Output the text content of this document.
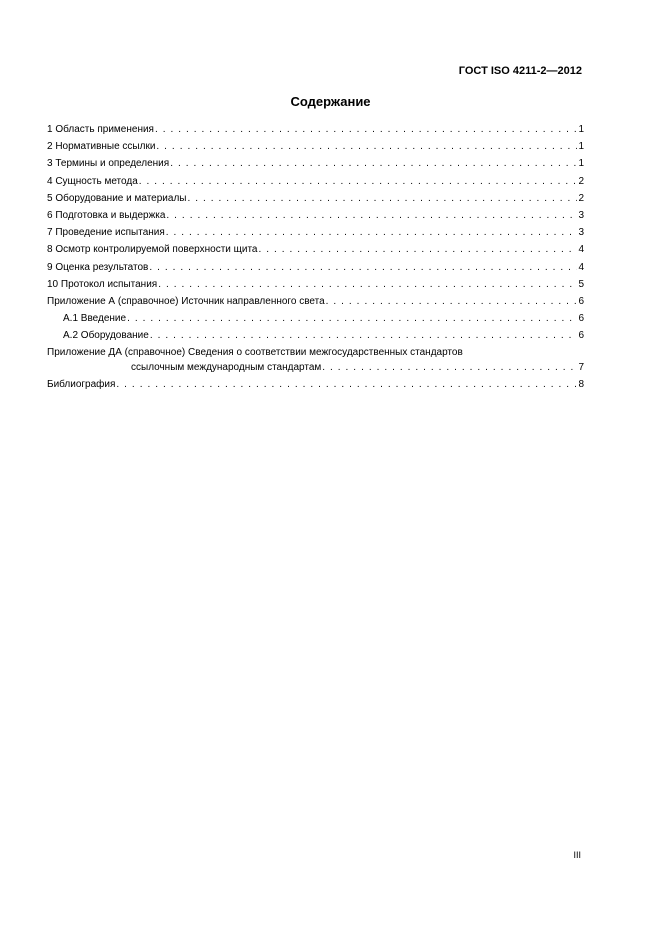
ГОСТ ISO 4211-2—2012
Содержание
1 Область применения . . .	1
2 Нормативные ссылки . . .	1
3 Термины и определения . . .	1
4 Сущность метода . . .	2
5 Оборудование и материалы . . .	2
6 Подготовка и выдержка . . .	3
7 Проведение испытания . . .	3
8 Осмотр контролируемой поверхности щита . . .	4
9 Оценка результатов . . .	4
10 Протокол испытания . . .	5
Приложение А (справочное) Источник направленного света . . .	6
А.1 Введение . . .	6
А.2 Оборудование . . .	6
Приложение ДА (справочное) Сведения о соответствии межгосударственных стандартов
ссылочным международным стандартам . . .	7
Библиография . . .	8
III
